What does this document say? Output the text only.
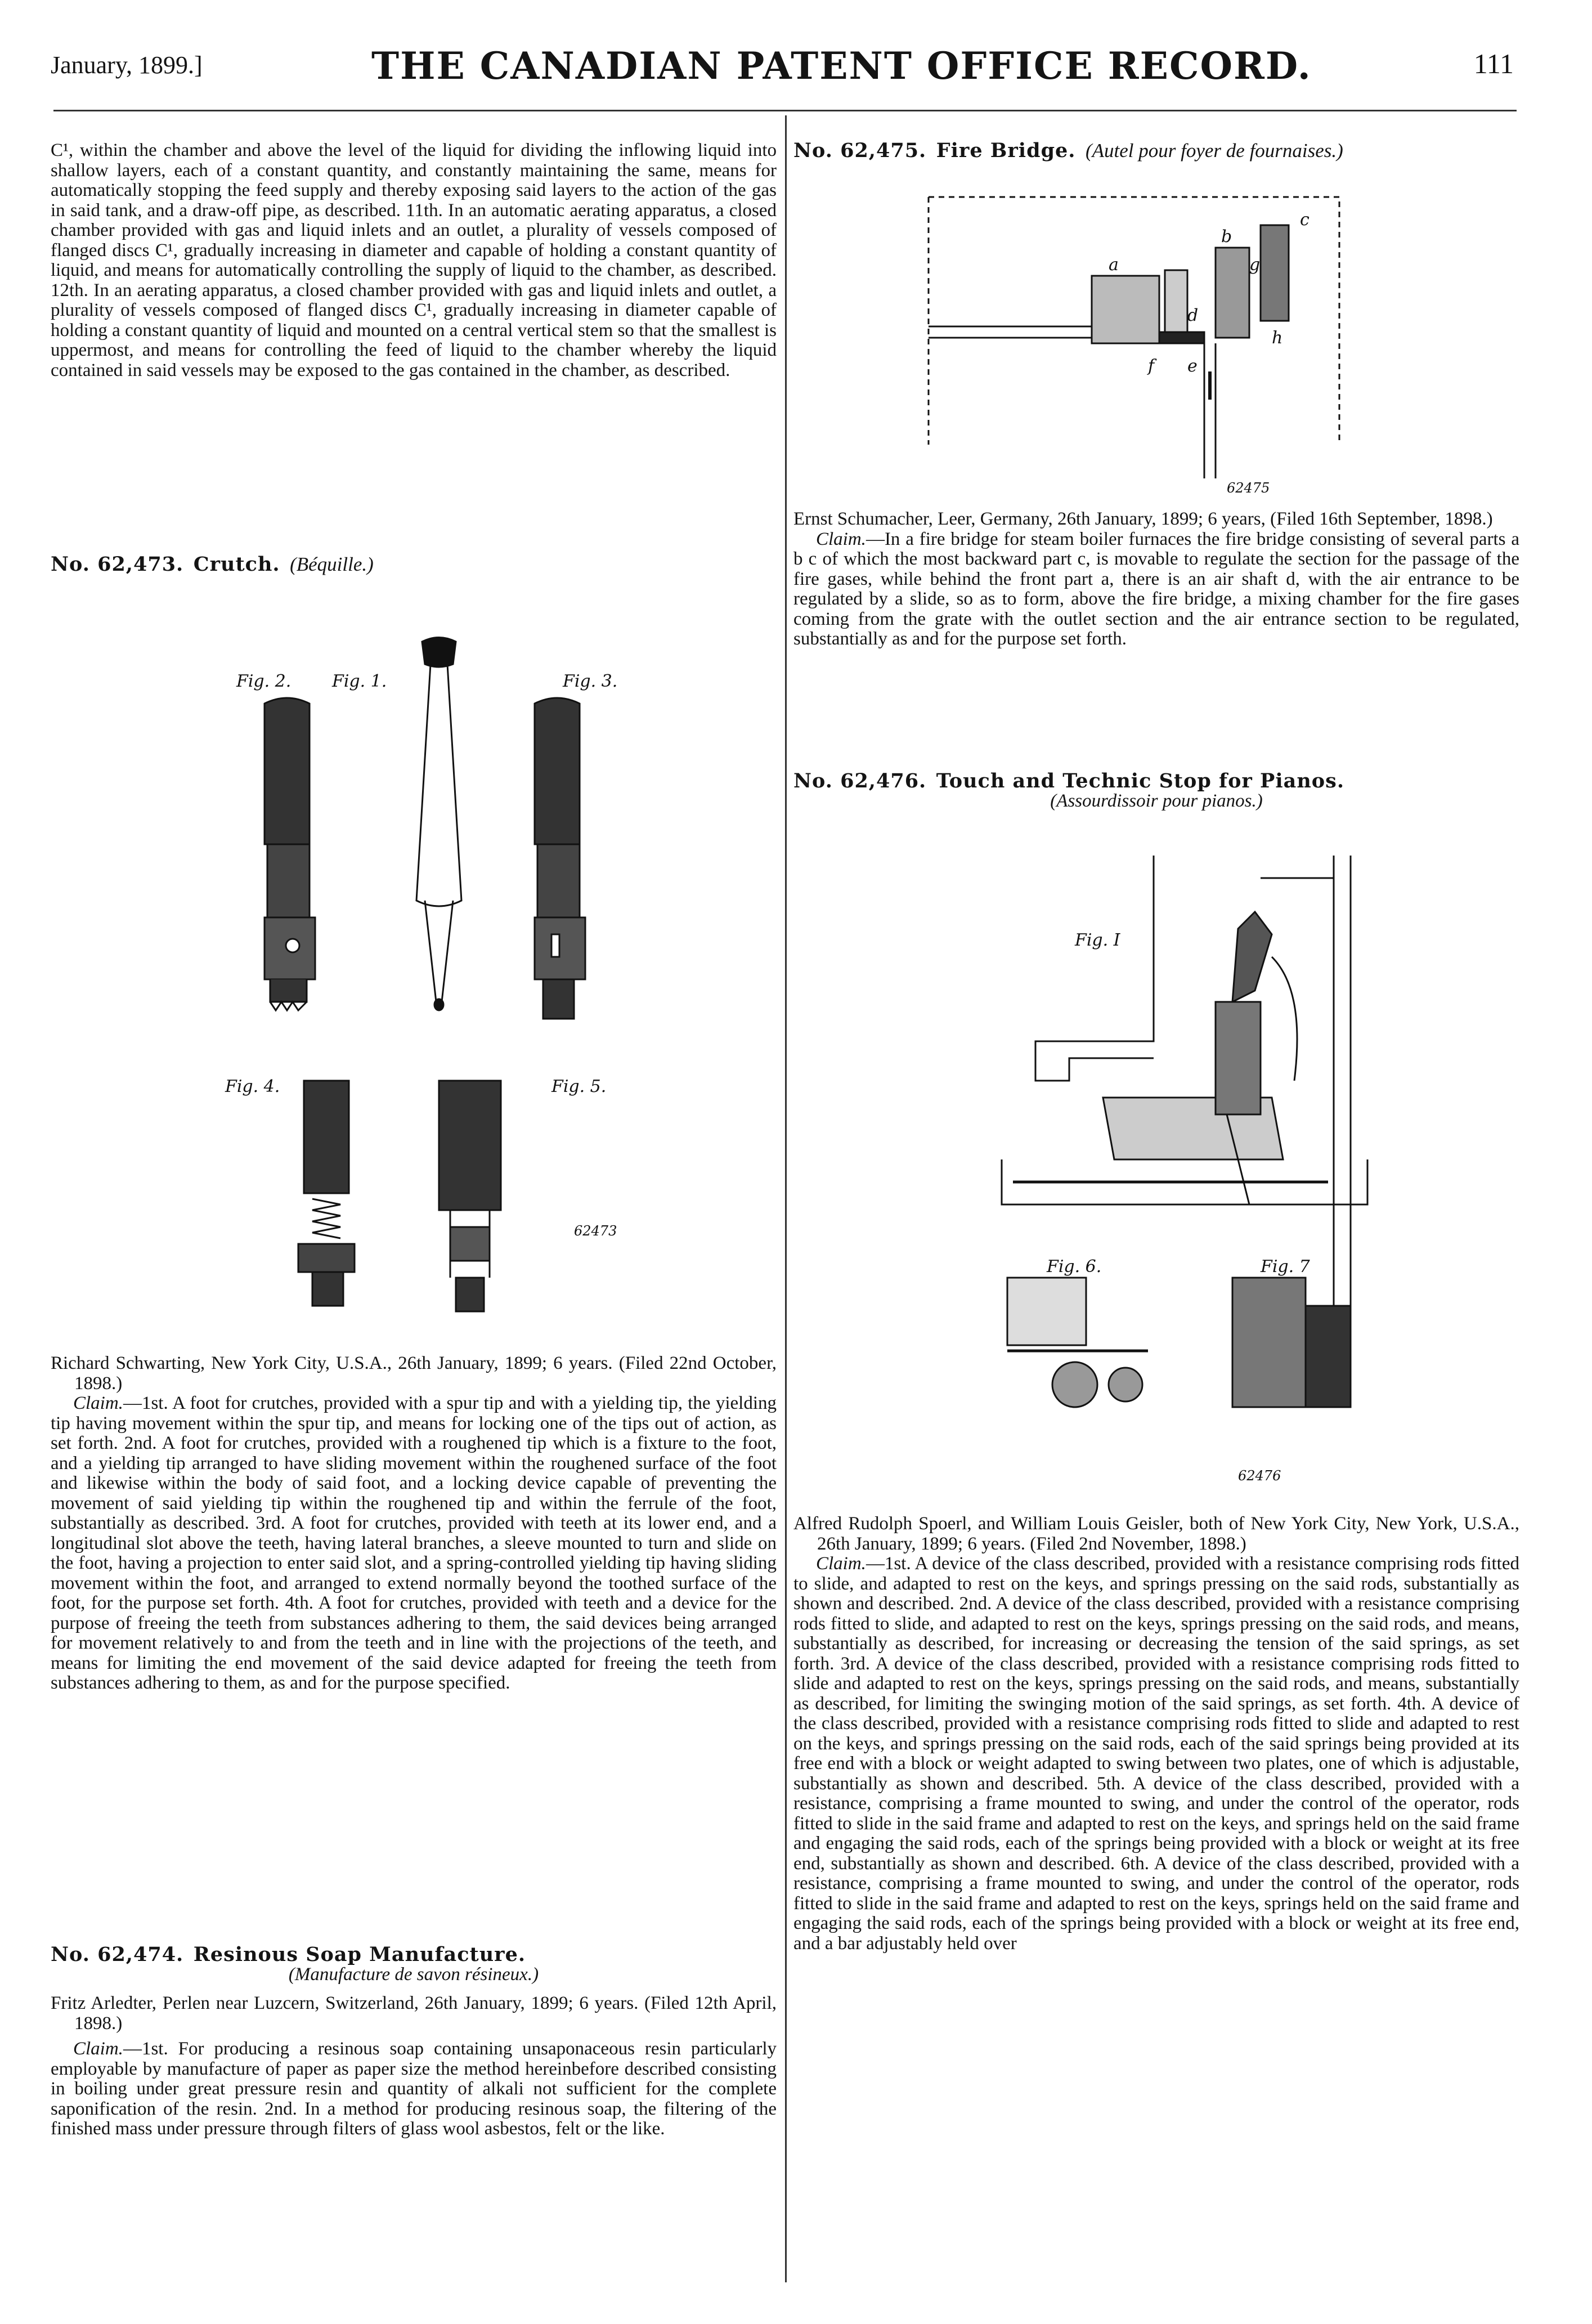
January, 1899.]	THE CANADIAN PATENT OFFICE RECORD.	111

C¹, within the chamber and above the level of the liquid for dividing the inflowing liquid into shallow layers, each of a constant quantity, and constantly maintaining the same, means for automatically stopping the feed supply and thereby exposing said layers to the action of the gas in said tank, and a draw-off pipe, as described. 11th. In an automatic aerating apparatus, a closed chamber provided with gas and liquid inlets and an outlet, a plurality of vessels composed of flanged discs C¹, gradually increasing in diameter and capable of holding a constant quantity of liquid, and means for automatically controlling the supply of liquid to the chamber, as described. 12th. In an aerating apparatus, a closed chamber provided with gas and liquid inlets and outlet, a plurality of vessels composed of flanged discs C¹, gradually increasing in diameter capable of holding a constant quantity of liquid and mounted on a central vertical stem so that the smallest is uppermost, and means for controlling the feed of liquid to the chamber whereby the liquid contained in said vessels may be exposed to the gas contained in the chamber, as described.

No. 62,473. Crutch. (Béquille.)

Fig. 2. Fig. 1.	Fig. 3.
Fig. 4.	Fig. 5.
62473

Richard Schwarting, New York City, U.S.A., 26th January, 1899; 6 years. (Filed 22nd October, 1898.)

Claim.—1st. A foot for crutches, provided with a spur tip and with a yielding tip, the yielding tip having movement within the spur tip, and means for locking one of the tips out of action, as set forth. 2nd. A foot for crutches, provided with a roughened tip which is a fixture to the foot, and a yielding tip arranged to have sliding movement within the roughened surface of the foot and likewise within the body of said foot, and a locking device capable of preventing the movement of said yielding tip within the roughened tip and within the ferrule of the foot, substantially as described. 3rd. A foot for crutches, provided with teeth at its lower end, and a longitudinal slot above the teeth, having lateral branches, a sleeve mounted to turn and slide on the foot, having a projection to enter said slot, and a spring-controlled yielding tip having sliding movement within the foot, and arranged to extend normally beyond the toothed surface of the foot, for the purpose set forth. 4th. A foot for crutches, provided with teeth and a device for the purpose of freeing the teeth from substances adhering to them, the said devices being arranged for movement relatively to and from the teeth and in line with the projections of the teeth, and means for limiting the end movement of the said device adapted for freeing the teeth from substances adhering to them, as and for the purpose specified.

No. 62,474. Resinous Soap Manufacture.

(Manufacture de savon résineux.)

Fritz Arledter, Perlen near Luzcern, Switzerland, 26th January, 1899; 6 years. (Filed 12th April, 1898.)

Claim.—1st. For producing a resinous soap containing unsaponaceous resin particularly employable by manufacture of paper as paper size the method hereinbefore described consisting in boiling under great pressure resin and quantity of alkali not sufficient for the complete saponification of the resin. 2nd. In a method for producing resinous soap, the filtering of the finished mass under pressure through filters of glass wool asbestos, felt or the like.

No. 62,475. Fire Bridge. (Autel pour foyer de fournaises.)

a
b
c
d
e
f
g
h
62475

Ernst Schumacher, Leer, Germany, 26th January, 1899; 6 years, (Filed 16th September, 1898.)

Claim.—In a fire bridge for steam boiler furnaces the fire bridge consisting of several parts a b c of which the most backward part c, is movable to regulate the section for the passage of the fire gases, while behind the front part a, there is an air shaft d, with the air entrance to be regulated by a slide, so as to form, above the fire bridge, a mixing chamber for the fire gases coming from the grate with the outlet section and the air entrance section to be regulated, substantially as and for the purpose set forth.

No. 62,476. Touch and Technic Stop for Pianos.

(Assourdissoir pour pianos.)

Fig. I
Fig. 6.	Fig. 7
62476

Alfred Rudolph Spoerl, and William Louis Geisler, both of New York City, New York, U.S.A., 26th January, 1899; 6 years. (Filed 2nd November, 1898.)

Claim.—1st. A device of the class described, provided with a resistance comprising rods fitted to slide, and adapted to rest on the keys, and springs pressing on the said rods, substantially as shown and described. 2nd. A device of the class described, provided with a resistance comprising rods fitted to slide, and adapted to rest on the keys, springs pressing on the said rods, and means, substantially as described, for increasing or decreasing the tension of the said springs, as set forth. 3rd. A device of the class described, provided with a resistance comprising rods fitted to slide and adapted to rest on the keys, springs pressing on the said rods, and means, substantially as described, for limiting the swinging motion of the said springs, as set forth. 4th. A device of the class described, provided with a resistance comprising rods fitted to slide and adapted to rest on the keys, and springs pressing on the said rods, each of the said springs being provided at its free end with a block or weight adapted to swing between two plates, one of which is adjustable, substantially as shown and described. 5th. A device of the class described, provided with a resistance, comprising a frame mounted to swing, and under the control of the operator, rods fitted to slide in the said frame and adapted to rest on the keys, and springs held on the said frame and engaging the said rods, each of the springs being provided with a block or weight at its free end, substantially as shown and described. 6th. A device of the class described, provided with a resistance, comprising a frame mounted to swing, and under the control of the operator, rods fitted to slide in the said frame and adapted to rest on the keys, springs held on the said frame and engaging the said rods, each of the springs being provided with a block or weight at its free end, and a bar adjustably held over
